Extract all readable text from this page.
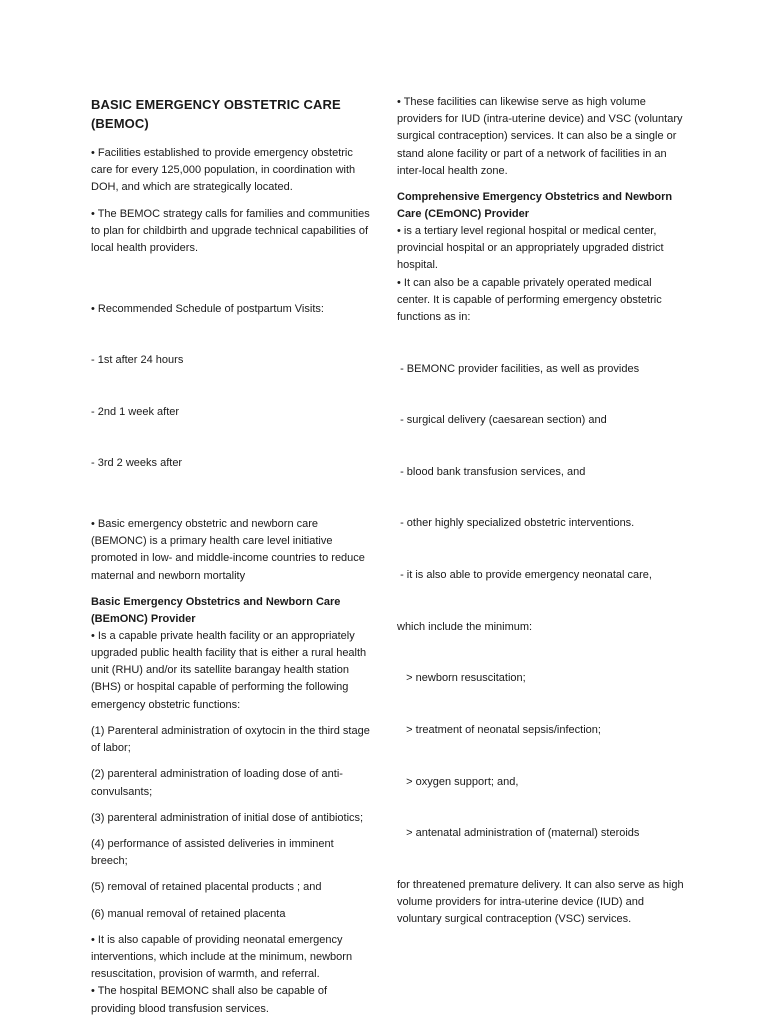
BASIC EMERGENCY OBSTETRIC CARE
(BEMOC)

• Facilities established to provide emergency obstetric care for every 125,000 population, in coordination with DOH, and which are strategically located.

• The BEMOC strategy calls for families and communities to plan for childbirth and upgrade technical capabilities of local health providers.

• Recommended Schedule of postpartum Visits:

- 1st after 24 hours

- 2nd 1 week after

- 3rd 2 weeks after

• Basic emergency obstetric and newborn care (BEMONC) is a primary health care level initiative promoted in low- and middle-income countries to reduce maternal and newborn mortality

Basic Emergency Obstetrics and Newborn Care (BEmONC) Provider

• Is a capable private health facility or an appropriately upgraded public health facility that is either a rural health unit (RHU) and/or its satellite barangay health station (BHS) or hospital capable of performing the following emergency obstetric functions:

(1) Parenteral administration of oxytocin in the third stage of labor;

(2) parenteral administration of loading dose of anti-convulsants;

(3) parenteral administration of initial dose of antibiotics;

(4) performance of assisted deliveries in imminent breech;

(5) removal of retained placental products ; and

(6) manual removal of retained placenta

• It is also capable of providing neonatal emergency interventions, which include at the minimum, newborn resuscitation, provision of warmth, and referral.

• The hospital BEMONC shall also be capable of providing blood transfusion services.

• These facilities can likewise serve as high volume providers for IUD (intra-uterine device) and VSC (voluntary surgical contraception) services. It can also be a single or stand alone facility or part of a network of facilities in an inter-local health zone.

Comprehensive Emergency Obstetrics and Newborn Care (CEmONC) Provider

• is a tertiary level regional hospital or medical center, provincial hospital or an appropriately upgraded district hospital.

• It can also be a capable privately operated medical center. It is capable of performing emergency obstetric functions as in:

- BEMONC provider facilities, as well as provides

- surgical delivery (caesarean section) and

- blood bank transfusion services, and

- other highly specialized obstetric interventions.

- it is also able to provide emergency neonatal care,

which include the minimum:

> newborn resuscitation;

> treatment of neonatal sepsis/infection;

> oxygen support; and,

> antenatal administration of (maternal) steroids

for threatened premature delivery. It can also serve as high volume providers for intra-uterine device (IUD) and voluntary surgical contraception (VSC) services.
